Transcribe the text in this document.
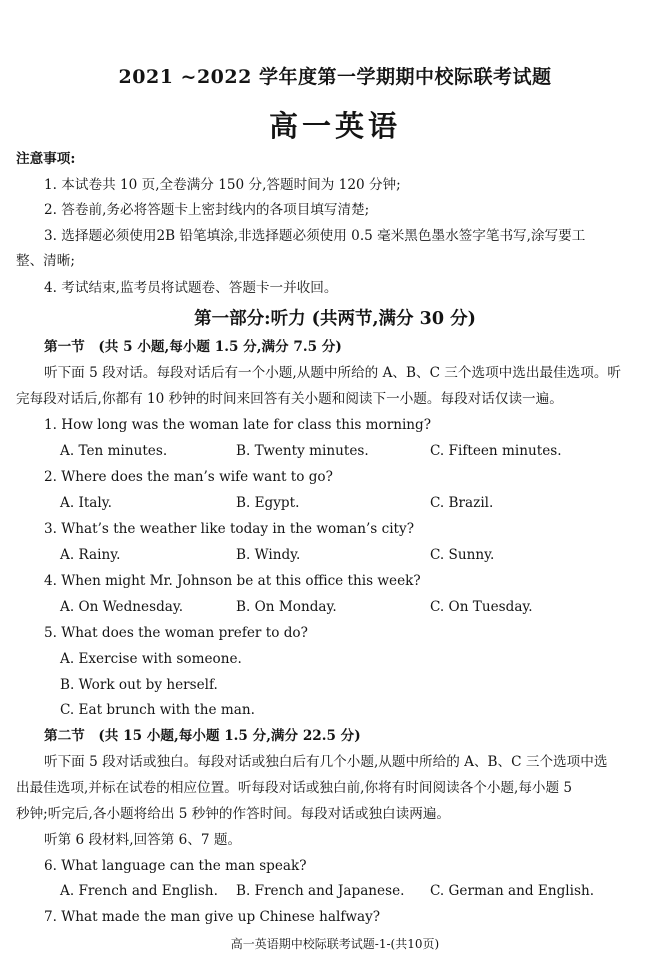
2021 ~2022 学年度第一学期期中校际联考试题
高一英语
注意事项:
1. 本试卷共 10 页,全卷满分 150 分,答题时间为 120 分钟;
2. 答卷前,务必将答题卡上密封线内的各项目填写清楚;
3. 选择题必须使用2B 铅笔填涂,非选择题必须使用 0.5 毫米黑色墨水签字笔书写,涂写要工
整、清晰;
4. 考试结束,监考员将试题卷、答题卡一并收回。
第一部分:听力 (共两节,满分 30 分)
第一节　(共 5 小题,每小题 1.5 分,满分 7.5 分)
听下面 5 段对话。每段对话后有一个小题,从题中所给的 A、B、C 三个选项中选出最佳选项。听
完每段对话后,你都有 10 秒钟的时间来回答有关小题和阅读下一小题。每段对话仅读一遍。
1. How long was the woman late for class this morning?
A. Ten minutes.	B. Twenty minutes.	C. Fifteen minutes.
2. Where does the man’s wife want to go?
A. Italy.	B. Egypt.	C. Brazil.
3. What’s the weather like today in the woman’s city?
A. Rainy.	B. Windy.	C. Sunny.
4. When might Mr. Johnson be at this office this week?
A. On Wednesday.	B. On Monday.	C. On Tuesday.
5. What does the woman prefer to do?
A. Exercise with someone.
B. Work out by herself.
C. Eat brunch with the man.
第二节　(共 15 小题,每小题 1.5 分,满分 22.5 分)
听下面 5 段对话或独白。每段对话或独白后有几个小题,从题中所给的 A、B、C 三个选项中选
出最佳选项,并标在试卷的相应位置。听每段对话或独白前,你将有时间阅读各个小题,每小题 5
秒钟;听完后,各小题将给出 5 秒钟的作答时间。每段对话或独白读两遍。
听第 6 段材料,回答第 6、7 题。
6. What language can the man speak?
A. French and English. B. French and Japanese. C. German and English.
7. What made the man give up Chinese halfway?
高一英语期中校际联考试题-1-(共10页)
